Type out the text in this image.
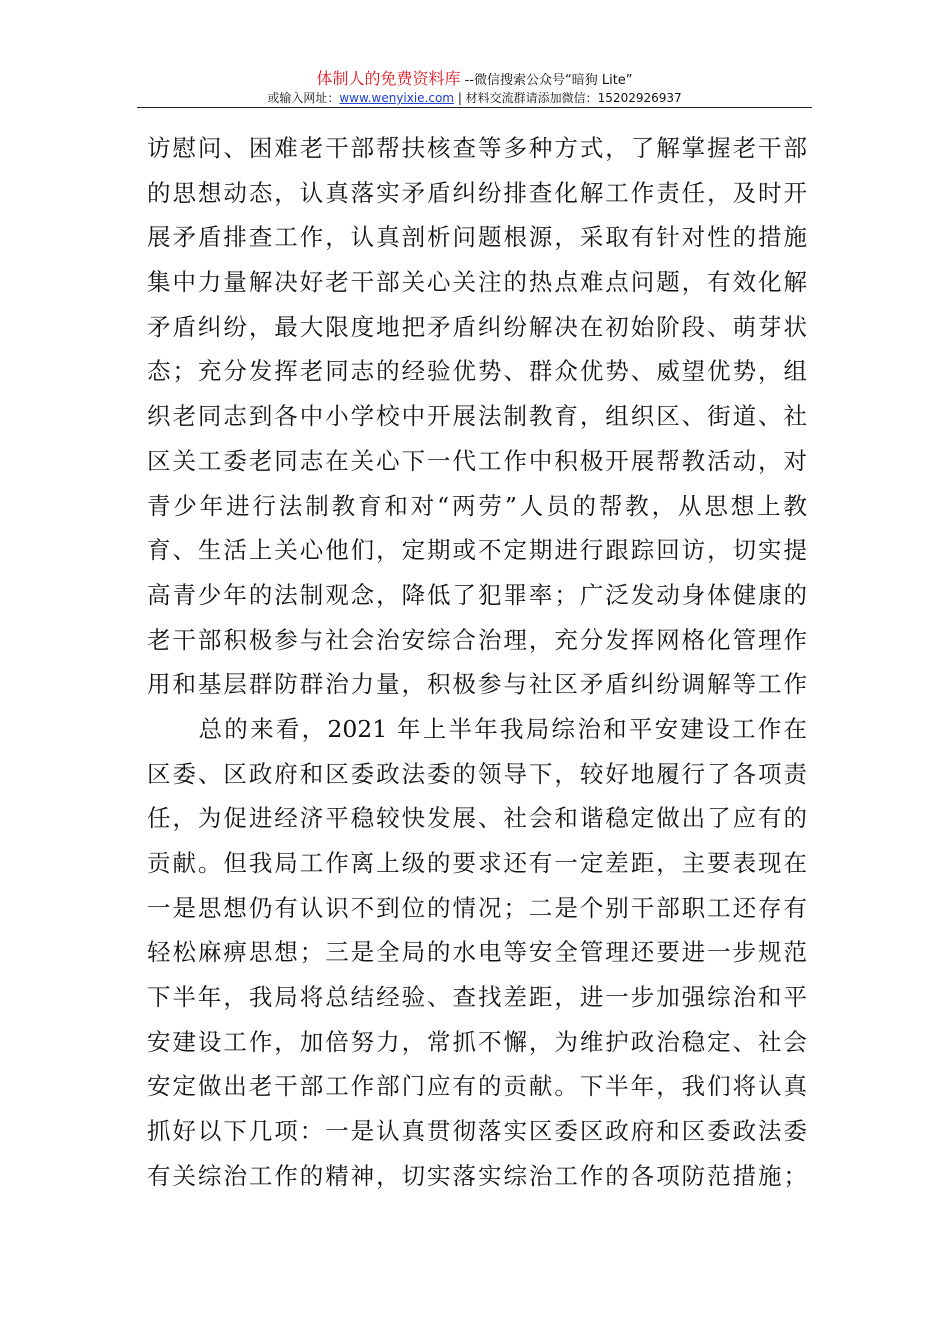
体制人的免费资料库 --微信搜索公众号“暗狗 Lite”
或输入网址：www.wenyixie.com | 材料交流群请添加微信：15202926937
访慰问、困难老干部帮扶核查等多种方式，了解掌握老干部
的思想动态，认真落实矛盾纠纷排查化解工作责任，及时开
展矛盾排查工作，认真剖析问题根源，采取有针对性的措施
集中力量解决好老干部关心关注的热点难点问题，有效化解
矛盾纠纷，最大限度地把矛盾纠纷解决在初始阶段、萌芽状
态；充分发挥老同志的经验优势、群众优势、威望优势，组
织老同志到各中小学校中开展法制教育，组织区、街道、社
区关工委老同志在关心下一代工作中积极开展帮教活动，对
青少年进行法制教育和对“两劳”人员的帮教，从思想上教
育、生活上关心他们，定期或不定期进行跟踪回访，切实提
高青少年的法制观念，降低了犯罪率；广泛发动身体健康的
老干部积极参与社会治安综合治理，充分发挥网格化管理作
用和基层群防群治力量，积极参与社区矛盾纠纷调解等工作
　　总的来看，2021 年上半年我局综治和平安建设工作在
区委、区政府和区委政法委的领导下，较好地履行了各项责
任，为促进经济平稳较快发展、社会和谐稳定做出了应有的
贡献。但我局工作离上级的要求还有一定差距，主要表现在
一是思想仍有认识不到位的情况；二是个别干部职工还存有
轻松麻痹思想；三是全局的水电等安全管理还要进一步规范
下半年，我局将总结经验、查找差距，进一步加强综治和平
安建设工作，加倍努力，常抓不懈，为维护政治稳定、社会
安定做出老干部工作部门应有的贡献。下半年，我们将认真
抓好以下几项：一是认真贯彻落实区委区政府和区委政法委
有关综治工作的精神，切实落实综治工作的各项防范措施；
